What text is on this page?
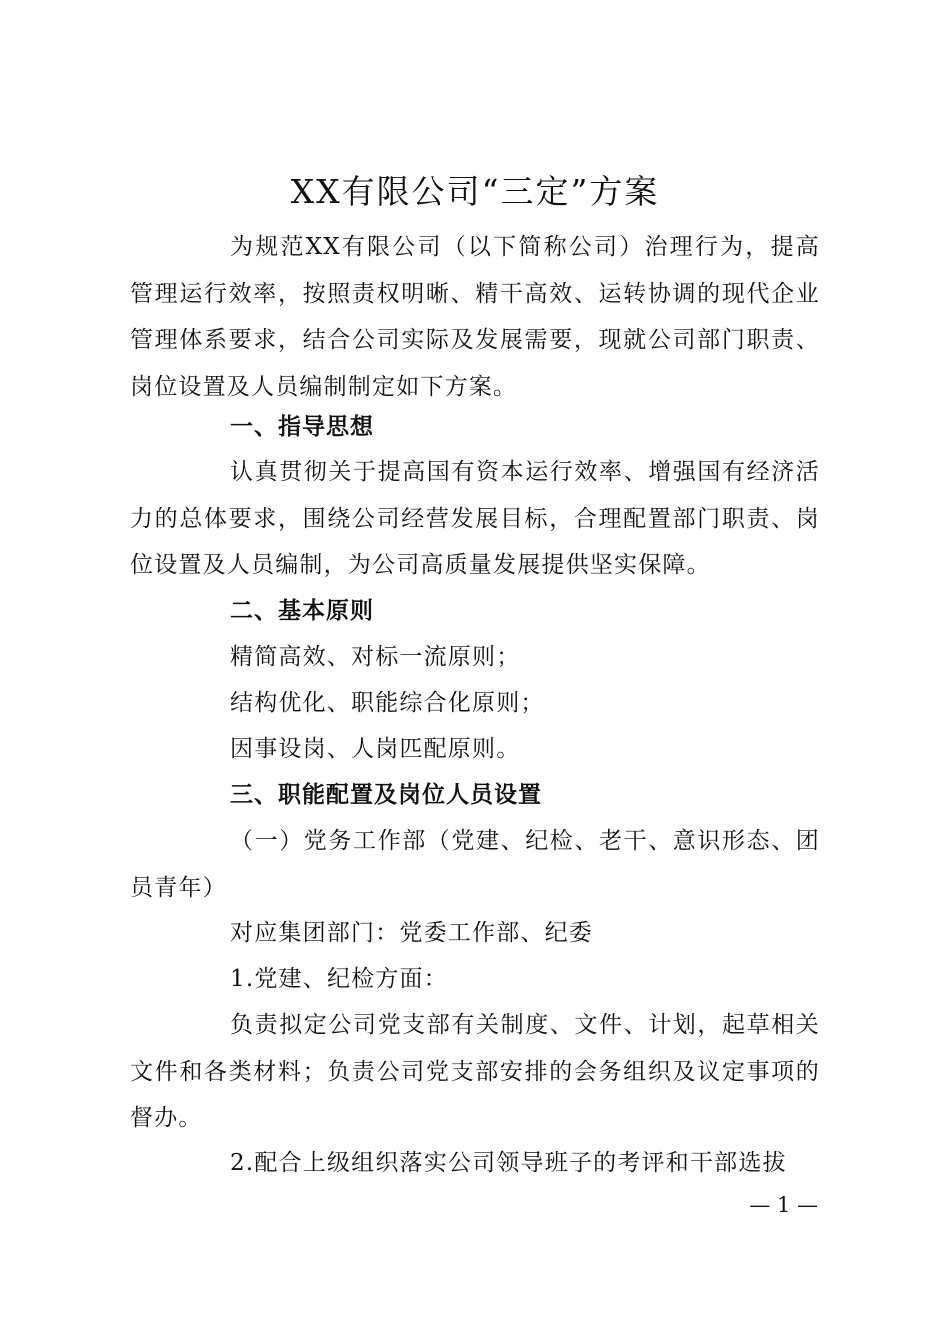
XX有限公司“三定”方案

为规范XX有限公司（以下简称公司）治理行为，提高管理运行效率，按照责权明晰、精干高效、运转协调的现代企业管理体系要求，结合公司实际及发展需要，现就公司部门职责、岗位设置及人员编制制定如下方案。

一、指导思想

认真贯彻关于提高国有资本运行效率、增强国有经济活力的总体要求，围绕公司经营发展目标，合理配置部门职责、岗位设置及人员编制，为公司高质量发展提供坚实保障。

二、基本原则

精简高效、对标一流原则；

结构优化、职能综合化原则；

因事设岗、人岗匹配原则。

三、职能配置及岗位人员设置

（一）党务工作部（党建、纪检、老干、意识形态、团员青年）

对应集团部门：党委工作部、纪委

1.党建、纪检方面：

负责拟定公司党支部有关制度、文件、计划，起草相关文件和各类材料；负责公司党支部安排的会务组织及议定事项的督办。

2.配合上级组织落实公司领导班子的考评和干部选拔

— 1 —
